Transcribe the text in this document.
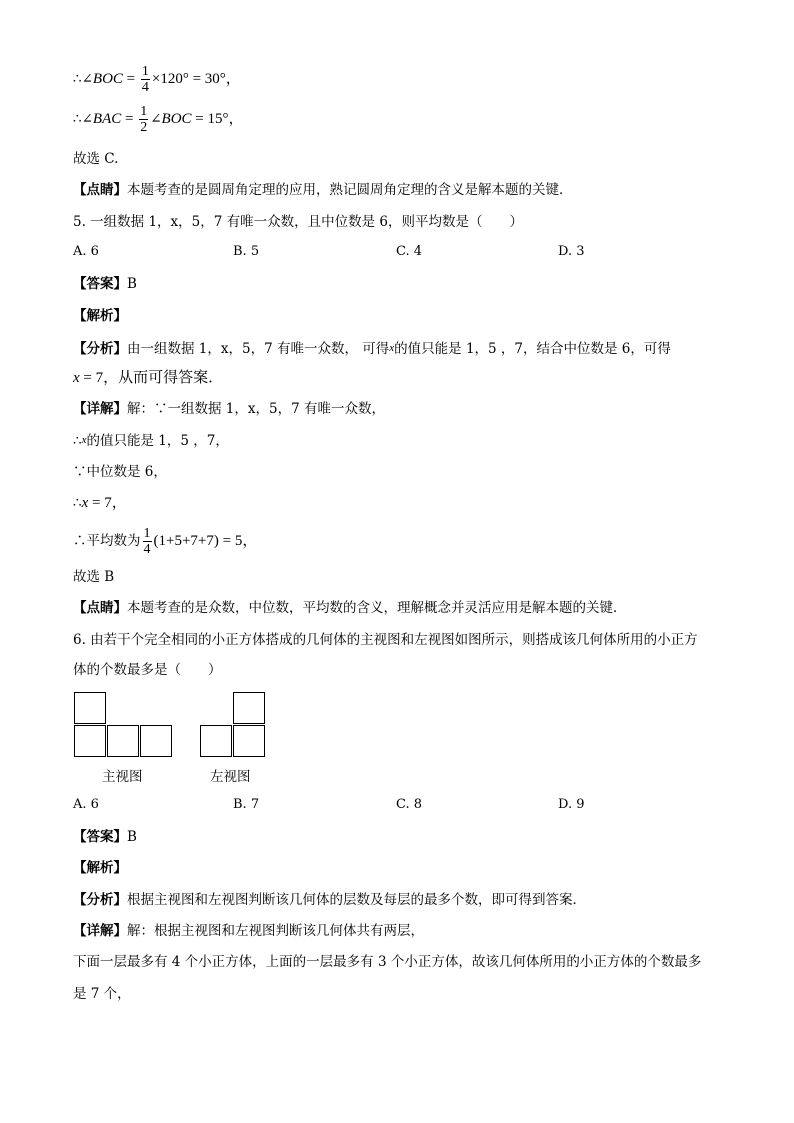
∴∠BOC = $\frac{1}{4} \times 120^\circ = 30^\circ$，
∴∠BAC = $\frac{1}{2}$ ∠BOC = 15°，
故选 C.
【点睛】本题考查的是圆周角定理的应用，熟记圆周角定理的含义是解本题的关键．
5. 一组数据 1，x，5，7 有唯一众数，且中位数是 6，则平均数是（　　）
A. 6	B. 5	C. 4	D. 3
【答案】B
【解析】
【分析】由一组数据 1，x，5，7 有唯一众数， 可得x的值只能是 1，5 ，7，结合中位数是 6，可得
x = 7，从而可得答案．
【详解】解：∵一组数据 1，x，5，7 有唯一众数，
∴x的值只能是 1，5 ，7，
∵中位数是 6，
∴x = 7，
∴平均数为 $\frac{1}{4} (1+5+7+7) = 5$，
故选 B
【点睛】本题考查的是众数，中位数，平均数的含义，理解概念并灵活应用是解本题的关键．
6. 由若干个完全相同的小正方体搭成的几何体的主视图和左视图如图所示，则搭成该几何体所用的小正方
体的个数最多是（　　）
主视图	左视图
A. 6	B. 7	C. 8	D. 9
【答案】B
【解析】
【分析】根据主视图和左视图判断该几何体的层数及每层的最多个数，即可得到答案．
【详解】解：根据主视图和左视图判断该几何体共有两层，
下面一层最多有 4 个小正方体，上面的一层最多有 3 个小正方体，故该几何体所用的小正方体的个数最多
是 7 个，
